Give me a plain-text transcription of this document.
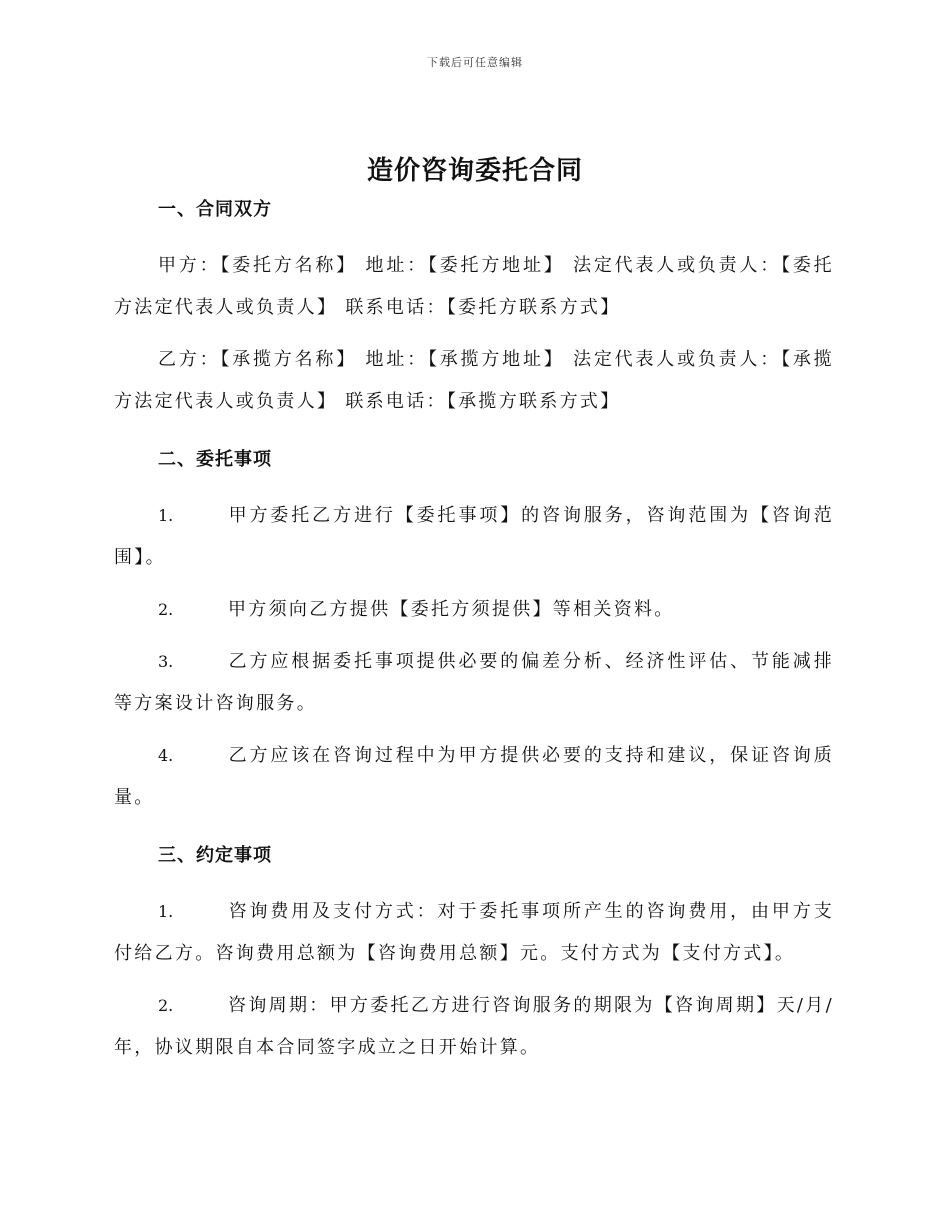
下载后可任意编辑
造价咨询委托合同
一、合同双方

甲方：【委托方名称】 地址：【委托方地址】 法定代表人或负责人：【委托方法定代表人或负责人】 联系电话：【委托方联系方式】

乙方：【承揽方名称】 地址：【承揽方地址】 法定代表人或负责人：【承揽方法定代表人或负责人】 联系电话：【承揽方联系方式】

二、委托事项

1.	甲方委托乙方进行【委托事项】的咨询服务，咨询范围为【咨询范围】。

2.	甲方须向乙方提供【委托方须提供】等相关资料。

3.	乙方应根据委托事项提供必要的偏差分析、经济性评估、节能减排等方案设计咨询服务。

4.	乙方应该在咨询过程中为甲方提供必要的支持和建议，保证咨询质量。

三、约定事项

1.	咨询费用及支付方式：对于委托事项所产生的咨询费用，由甲方支付给乙方。咨询费用总额为【咨询费用总额】元。支付方式为【支付方式】。

2.	咨询周期：甲方委托乙方进行咨询服务的期限为【咨询周期】天/月/年，协议期限自本合同签字成立之日开始计算。
